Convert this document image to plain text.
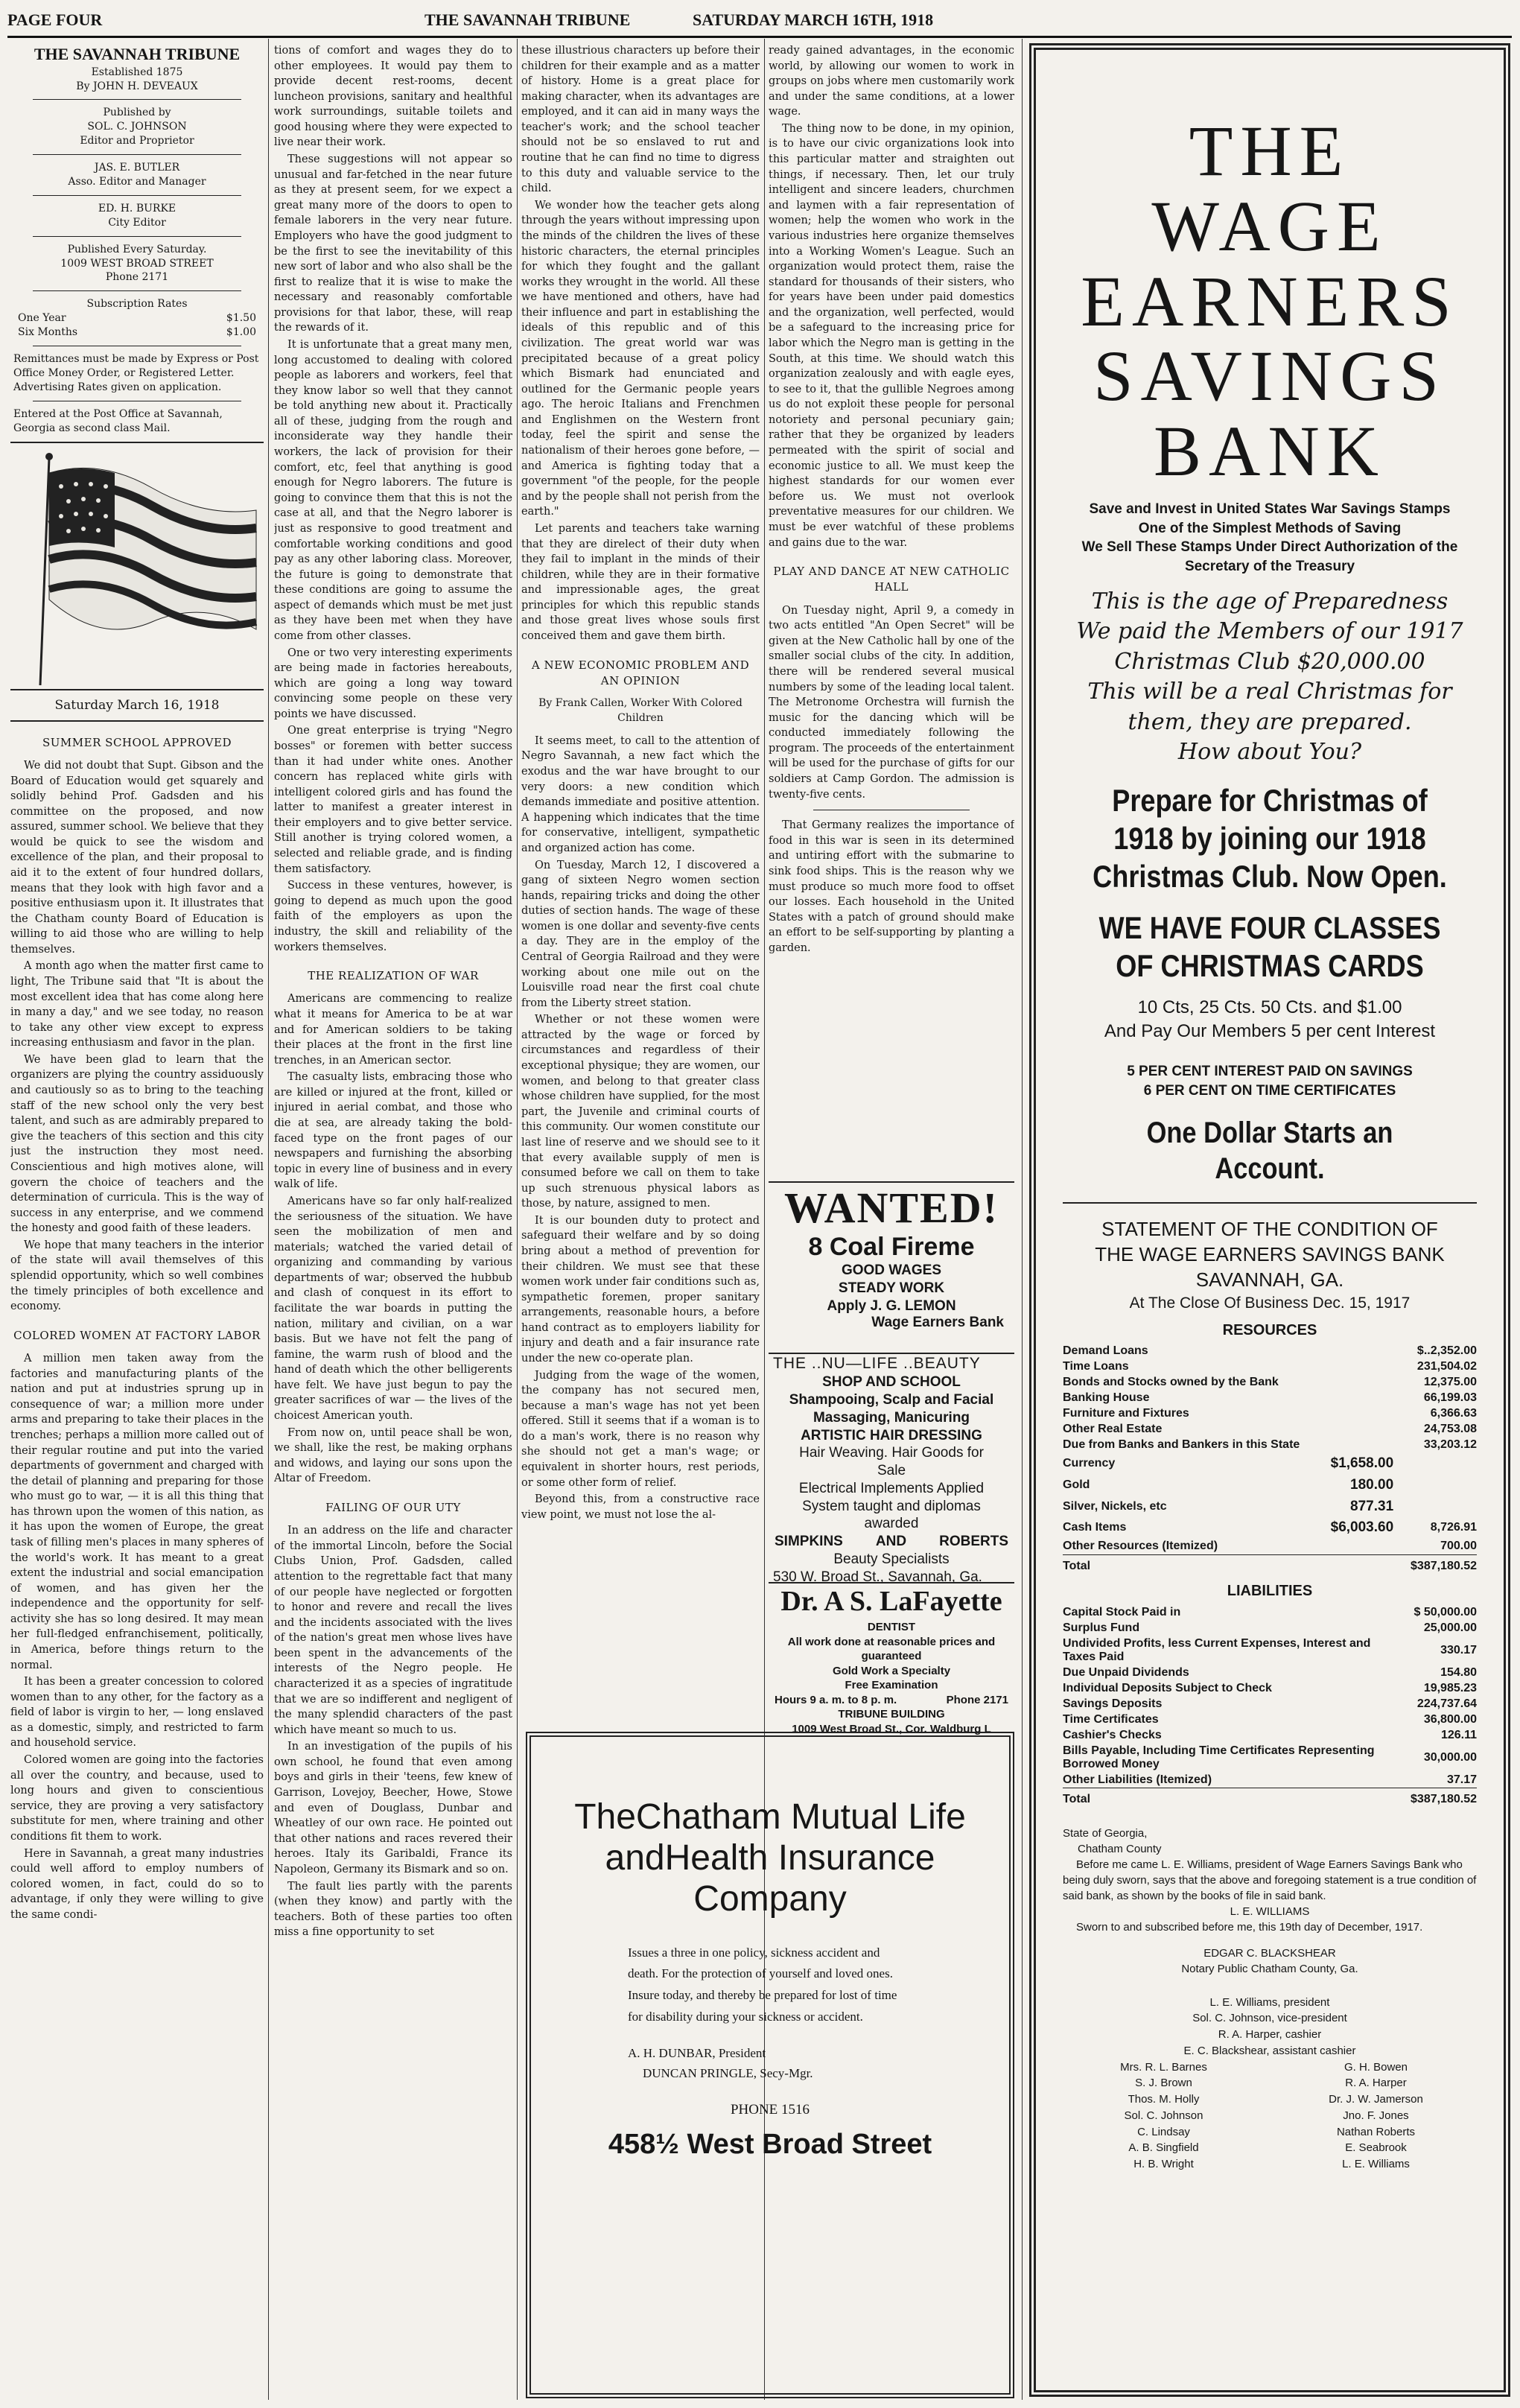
PAGE FOUR	THE SAVANNAH TRIBUNE	SATURDAY MARCH 16TH, 1918
THE SAVANNAH TRIBUNE
Established 1875
By JOHN H. DEVEAUX
Published by
SOL. C. JOHNSON
Editor and Proprietor
JAS. E. BUTLER
Asso. Editor and Manager
ED. H. BURKE
City Editor
Published Every Saturday.
1009 WEST BROAD STREET
Phone 2171
Subscription Rates
One Year	$1.50
Six Months	$1.00
Remittances must be made by Express or Post Office Money Order, or Registered Letter. Advertising Rates given on application.
Entered at the Post Office at Savannah, Georgia as second class Mail.
Saturday March 16, 1918
SUMMER SCHOOL APPROVED

We did not doubt that Supt. Gibson and the Board of Education would get squarely and solidly behind Prof. Gadsden and his committee on the proposed, and now assured, summer school. We believe that they would be quick to see the wisdom and excellence of the plan, and their proposal to aid it to the extent of four hundred dollars, means that they look with high favor and a positive enthusiasm upon it. It illustrates that the Chatham county Board of Education is willing to aid those who are willing to help themselves.

A month ago when the matter first came to light, The Tribune said that "It is about the most excellent idea that has come along here in many a day," and we see today, no reason to take any other view except to express increasing enthusiasm and favor in the plan.

We have been glad to learn that the organizers are plying the country assiduously and cautiously so as to bring to the teaching staff of the new school only the very best talent, and such as are admirably prepared to give the teachers of this section and this city just the instruction they most need. Conscientious and high motives alone, will govern the choice of teachers and the determination of curricula. This is the way of success in any enterprise, and we commend the honesty and good faith of these leaders.

We hope that many teachers in the interior of the state will avail themselves of this splendid opportunity, which so well combines the timely principles of both excellence and economy.

COLORED WOMEN AT FACTORY LABOR

A million men taken away from the factories and manufacturing plants of the nation and put at industries sprung up in consequence of war; a million more under arms and preparing to take their places in the trenches; perhaps a million more called out of their regular routine and put into the varied departments of government and charged with the detail of planning and preparing for those who must go to war, — it is all this thing that has thrown upon the women of this nation, as it has upon the women of Europe, the great task of filling men's places in many spheres of the world's work. It has meant to a great extent the industrial and social emancipation of women, and has given her the independence and the opportunity for self-activity she has so long desired. It may mean her full-fledged enfranchisement, politically, in America, before things return to the normal.

It has been a greater concession to colored women than to any other, for the factory as a field of labor is virgin to her, — long enslaved as a domestic, simply, and restricted to farm and household service.

Colored women are going into the factories all over the country, and because, used to long hours and given to conscientious service, they are proving a very satisfactory substitute for men, where training and other conditions fit them to work.

Here in Savannah, a great many industries could well afford to employ numbers of colored women, in fact, could do so to advantage, if only they were willing to give the same condi-

tions of comfort and wages they do to other employees. It would pay them to provide decent rest-rooms, decent luncheon provisions, sanitary and healthful work surroundings, suitable toilets and good housing where they were expected to live near their work.

These suggestions will not appear so unusual and far-fetched in the near future as they at present seem, for we expect a great many more of the doors to open to female laborers in the very near future. Employers who have the good judgment to be the first to see the inevitability of this new sort of labor and who also shall be the first to realize that it is wise to make the necessary and reasonably comfortable provisions for that labor, these, will reap the rewards of it.

It is unfortunate that a great many men, long accustomed to dealing with colored people as laborers and workers, feel that they know labor so well that they cannot be told anything new about it. Practically all of these, judging from the rough and inconsiderate way they handle their workers, the lack of provision for their comfort, etc, feel that anything is good enough for Negro laborers. The future is going to convince them that this is not the case at all, and that the Negro laborer is just as responsive to good treatment and comfortable working conditions and good pay as any other laboring class. Moreover, the future is going to demonstrate that these conditions are going to assume the aspect of demands which must be met just as they have been met when they have come from other classes.

One or two very interesting experiments are being made in factories hereabouts, which are going a long way toward convincing some people on these very points we have discussed.

One great enterprise is trying "Negro bosses" or foremen with better success than it had under white ones. Another concern has replaced white girls with intelligent colored girls and has found the latter to manifest a greater interest in their employers and to give better service. Still another is trying colored women, a selected and reliable grade, and is finding them satisfactory.

Success in these ventures, however, is going to depend as much upon the good faith of the employers as upon the industry, the skill and reliability of the workers themselves.

THE REALIZATION OF WAR

Americans are commencing to realize what it means for America to be at war and for American soldiers to be taking their places at the front in the first line trenches, in an American sector.

The casualty lists, embracing those who are killed or injured at the front, killed or injured in aerial combat, and those who die at sea, are already taking the bold-faced type on the front pages of our newspapers and furnishing the absorbing topic in every line of business and in every walk of life.

Americans have so far only half-realized the seriousness of the situation. We have seen the mobilization of men and materials; watched the varied detail of organizing and commanding by various departments of war; observed the hubbub and clash of conquest in its effort to facilitate the war boards in putting the nation, military and civilian, on a war basis. But we have not felt the pang of famine, the warm rush of blood and the hand of death which the other belligerents have felt. We have just begun to pay the greater sacrifices of war — the lives of the choicest American youth.

From now on, until peace shall be won, we shall, like the rest, be making orphans and widows, and laying our sons upon the Altar of Freedom.

FAILING OF OUR UTY

In an address on the life and character of the immortal Lincoln, before the Social Clubs Union, Prof. Gadsden, called attention to the regrettable fact that many of our people have neglected or forgotten to honor and revere and recall the lives and the incidents associated with the lives of the nation's great men whose lives have been spent in the advancements of the interests of the Negro people. He characterized it as a species of ingratitude that we are so indifferent and negligent of the many splendid characters of the past which have meant so much to us.

In an investigation of the pupils of his own school, he found that even among boys and girls in their 'teens, few knew of Garrison, Lovejoy, Beecher, Howe, Stowe and even of Douglass, Dunbar and Wheatley of our own race. He pointed out that other nations and races revered their heroes. Italy its Garibaldi, France its Napoleon, Germany its Bismark and so on.

The fault lies partly with the parents (when they know) and partly with the teachers. Both of these parties too often miss a fine opportunity to set

these illustrious characters up before their children for their example and as a matter of history. Home is a great place for making character, when its advantages are employed, and it can aid in many ways the teacher's work; and the school teacher should not be so enslaved to rut and routine that he can find no time to digress to this duty and valuable service to the child.

We wonder how the teacher gets along through the years without impressing upon the minds of the children the lives of these historic characters, the eternal principles for which they fought and the gallant works they wrought in the world. All these we have mentioned and others, have had their influence and part in establishing the ideals of this republic and of this civilization. The great world war was precipitated because of a great policy which Bismark had enunciated and outlined for the Germanic people years ago. The heroic Italians and Frenchmen and Englishmen on the Western front today, feel the spirit and sense the nationalism of their heroes gone before, — and America is fighting today that a government "of the people, for the people and by the people shall not perish from the earth."

Let parents and teachers take warning that they are direlect of their duty when they fail to implant in the minds of their children, while they are in their formative and impressionable ages, the great principles for which this republic stands and those great lives whose souls first conceived them and gave them birth.

A NEW ECONOMIC PROBLEM AND AN OPINION
By Frank Callen, Worker With Colored Children

It seems meet, to call to the attention of Negro Savannah, a new fact which the exodus and the war have brought to our very doors: a new condition which demands immediate and positive attention. A happening which indicates that the time for conservative, intelligent, sympathetic and organized action has come.

On Tuesday, March 12, I discovered a gang of sixteen Negro women section hands, repairing tricks and doing the other duties of section hands. The wage of these women is one dollar and seventy-five cents a day. They are in the employ of the Central of Georgia Railroad and they were working about one mile out on the Louisville road near the first coal chute from the Liberty street station.

Whether or not these women were attracted by the wage or forced by circumstances and regardless of their exceptional physique; they are women, our women, and belong to that greater class whose children have supplied, for the most part, the Juvenile and criminal courts of this community. Our women constitute our last line of reserve and we should see to it that every available supply of men is consumed before we call on them to take up such strenuous physical labors as those, by nature, assigned to men.

It is our bounden duty to protect and safeguard their welfare and by so doing bring about a method of prevention for their children. We must see that these women work under fair conditions such as, sympathetic foremen, proper sanitary arrangements, reasonable hours, a before hand contract as to employers liability for injury and death and a fair insurance rate under the new co-operate plan.

Judging from the wage of the women, the company has not secured men, because a man's wage has not yet been offered. Still it seems that if a woman is to do a man's work, there is no reason why she should not get a man's wage; or equivalent in shorter hours, rest periods, or some other form of relief.

Beyond this, from a constructive race view point, we must not lose the al-

ready gained advantages, in the economic world, by allowing our women to work in groups on jobs where men customarily work and under the same conditions, at a lower wage.

The thing now to be done, in my opinion, is to have our civic organizations look into this particular matter and straighten out things, if necessary. Then, let our truly intelligent and sincere leaders, churchmen and laymen with a fair representation of women; help the women who work in the various industries here organize themselves into a Working Women's League. Such an organization would protect them, raise the standard for thousands of their sisters, who for years have been under paid domestics and the organization, well perfected, would be a safeguard to the increasing price for labor which the Negro man is getting in the South, at this time. We should watch this organization zealously and with eagle eyes, to see to it, that the gullible Negroes among us do not exploit these people for personal notoriety and personal pecuniary gain; rather that they be organized by leaders permeated with the spirit of social and economic justice to all. We must keep the highest standards for our women ever before us. We must not overlook preventative measures for our children. We must be ever watchful of these problems and gains due to the war.

PLAY AND DANCE AT NEW CATHOLIC HALL

On Tuesday night, April 9, a comedy in two acts entitled "An Open Secret" will be given at the New Catholic hall by one of the smaller social clubs of the city. In addition, there will be rendered several musical numbers by some of the leading local talent. The Metronome Orchestra will furnish the music for the dancing which will be conducted immediately following the program. The proceeds of the entertainment will be used for the purchase of gifts for our soldiers at Camp Gordon. The admission is twenty-five cents.

That Germany realizes the importance of food in this war is seen in its determined and untiring effort with the submarine to sink food ships. This is the reason why we must produce so much more food to offset our losses. Each household in the United States with a patch of ground should make an effort to be self-supporting by planting a garden.

WANTED!
8 Coal Fireme
GOOD WAGES
STEADY WORK
Apply J. G. LEMON
Wage Earners Bank
THE ..NU—LIFE ..BEAUTY
SHOP AND SCHOOL
Shampooing, Scalp and Facial
Massaging, Manicuring
ARTISTIC HAIR DRESSING
Hair Weaving. Hair Goods for
Sale
Electrical Implements Applied
System taught and diplomas
awarded
SIMPKINS AND ROBERTS
Beauty Specialists
530 W. Broad St., Savannah, Ga.
Dr. A S. LaFayette
DENTIST
All work done at reasonable prices and guaranteed
Gold Work a Specialty
Free Examination
Hours 9 a. m. to 8 p. m.	Phone 2171
TRIBUNE BUILDING
1009 West Broad St., Cor. Waldburg L
TheChatham Mutual Life
andHealth Insurance
Company
Issues a three in one policy, sickness accident and death. For the protection of yourself and loved ones. Insure today, and thereby be prepared for lost of time for disability during your sickness or accident.
A. H. DUNBAR, President
DUNCAN PRINGLE, Secy-Mgr.
PHONE 1516
458½ West Broad Street
THE WAGE
EARNERS
SAVINGS
BANK
Save and Invest in United States War Savings Stamps
One of the Simplest Methods of Saving
We Sell These Stamps Under Direct Authorization of the Secretary of the Treasury
This is the age of Preparedness
We paid the Members of our 1917 Christmas Club $20,000.00
This will be a real Christmas for them, they are prepared.
How about You?
Prepare for Christmas of 1918 by joining our 1918 Christmas Club. Now Open.
WE HAVE FOUR CLASSES OF CHRISTMAS CARDS
10 Cts, 25 Cts. 50 Cts. and $1.00
And Pay Our Members 5 per cent Interest
5 PER CENT INTEREST PAID ON SAVINGS
6 PER CENT ON TIME CERTIFICATES
One Dollar Starts an Account.
STATEMENT OF THE CONDITION OF
THE WAGE EARNERS SAVINGS BANK
SAVANNAH, GA.
At The Close Of Business Dec. 15, 1917
RESOURCES
Demand Loans		$..2,352.00
Time Loans		231,504.02
Bonds and Stocks owned by the Bank		12,375.00
Banking House		66,199.03
Furniture and Fixtures		6,366.63
Other Real Estate		24,753.08
Due from Banks and Bankers in this State		33,203.12
Currency	$1,658.00	
Gold	180.00	
Silver, Nickels, etc	877.31	
Cash Items	$6,003.60	8,726.91
Other Resources (Itemized)		700.00
Total		$387,180.52
LIABILITIES
Capital Stock Paid in		$ 50,000.00
Surplus Fund		25,000.00
Undivided Profits, less Current Expenses, Interest and Taxes Paid		330.17
Due Unpaid Dividends		154.80
Individual Deposits Subject to Check		19,985.23
Savings Deposits		224,737.64
Time Certificates		36,800.00
Cashier's Checks		126.11
Bills Payable, Including Time Certificates Representing Borrowed Money		30,000.00
Other Liabilities (Itemized)		37.17
Total		$387,180.52
State of Georgia,
Chatham County
Before me came L. E. Williams, president of Wage Earners Savings Bank who being duly sworn, says that the above and foregoing statement is a true condition of said bank, as shown by the books of file in said bank.
L. E. WILLIAMS
Sworn to and subscribed before me, this 19th day of December, 1917.
EDGAR C. BLACKSHEAR
Notary Public Chatham County, Ga.
L. E. Williams, president
Sol. C. Johnson, vice-president
R. A. Harper, cashier
E. C. Blackshear, assistant cashier
Mrs. R. L. Barnes	G. H. Bowen
S. J. Brown	R. A. Harper
Thos. M. Holly	Dr. J. W. Jamerson
Sol. C. Johnson	Jno. F. Jones
C. Lindsay	Nathan Roberts
A. B. Singfield	E. Seabrook
H. B. Wright	L. E. Williams
